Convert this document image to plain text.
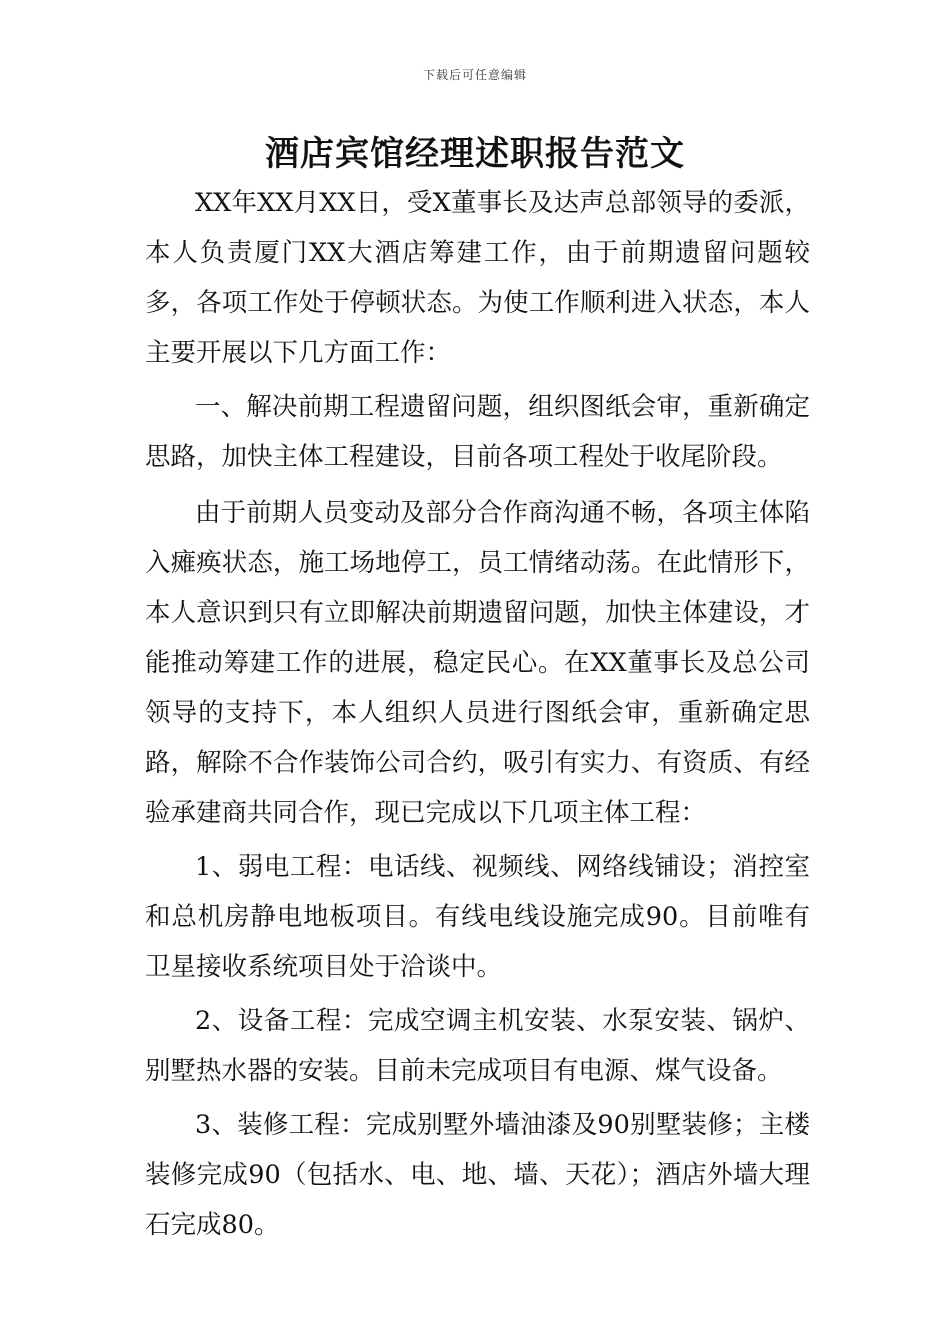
下载后可任意编辑
酒店宾馆经理述职报告范文

XX年XX月XX日，受X董事长及达声总部领导的委派，本人负责厦门XX大酒店筹建工作，由于前期遗留问题较多，各项工作处于停顿状态。为使工作顺利进入状态，本人主要开展以下几方面工作：

一、解决前期工程遗留问题，组织图纸会审，重新确定思路，加快主体工程建设，目前各项工程处于收尾阶段。

由于前期人员变动及部分合作商沟通不畅，各项主体陷入瘫痪状态，施工场地停工，员工情绪动荡。在此情形下，本人意识到只有立即解决前期遗留问题，加快主体建设，才能推动筹建工作的进展，稳定民心。在XX董事长及总公司领导的支持下，本人组织人员进行图纸会审，重新确定思路，解除不合作装饰公司合约，吸引有实力、有资质、有经验承建商共同合作，现已完成以下几项主体工程：

1、弱电工程：电话线、视频线、网络线铺设；消控室和总机房静电地板项目。有线电线设施完成90。目前唯有卫星接收系统项目处于洽谈中。

2、设备工程：完成空调主机安装、水泵安装、锅炉、别墅热水器的安装。目前未完成项目有电源、煤气设备。

3、装修工程：完成别墅外墙油漆及90别墅装修；主楼装修完成90（包括水、电、地、墙、天花）；酒店外墙大理石完成80。
